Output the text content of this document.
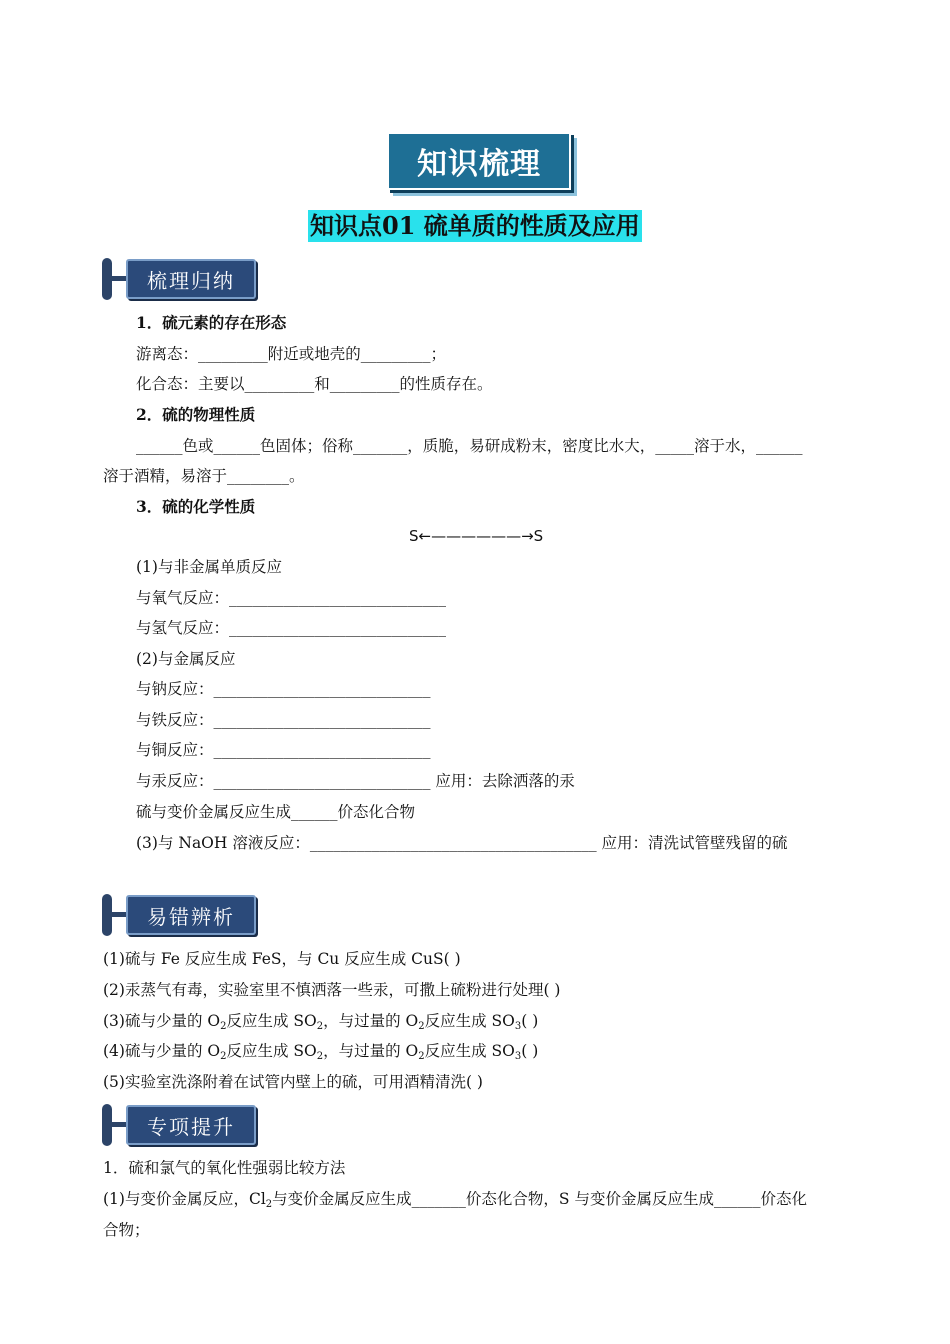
知识梳理
知识点01 硫单质的性质及应用
梳理归纳
1．硫元素的存在形态
游离态：_________附近或地壳的_________；
化合态：主要以_________和_________的性质存在。
2．硫的物理性质
______色或______色固体；俗称_______，质脆，易研成粉末，密度比水大，_____溶于水，______
溶于酒精，易溶于________。
3．硫的化学性质
S←——————→S
(1)与非金属单质反应
与氧气反应：____________________________
与氢气反应：____________________________
(2)与金属反应
与钠反应：____________________________
与铁反应：____________________________
与铜反应：____________________________
与汞反应：____________________________ 应用：去除洒落的汞
硫与变价金属反应生成______价态化合物
(3)与 NaOH 溶液反应：_____________________________________ 应用：清洗试管壁残留的硫
易错辨析
(1)硫与 Fe 反应生成 FeS，与 Cu 反应生成 CuS( )
(2)汞蒸气有毒，实验室里不慎洒落一些汞，可撒上硫粉进行处理( )
(3)硫与少量的 $O_2$反应生成 $SO_2$，与过量的 $O_2$反应生成 $SO_3$( )
(4)硫与少量的 $O_2$反应生成 $SO_2$，与过量的 $O_2$反应生成 $SO_3$( )
(5)实验室洗涤附着在试管内壁上的硫，可用酒精清洗( )
专项提升
1．硫和氯气的氧化性强弱比较方法
(1)与变价金属反应，$Cl_2$与变价金属反应生成_______价态化合物，S 与变价金属反应生成______价态化
合物；
